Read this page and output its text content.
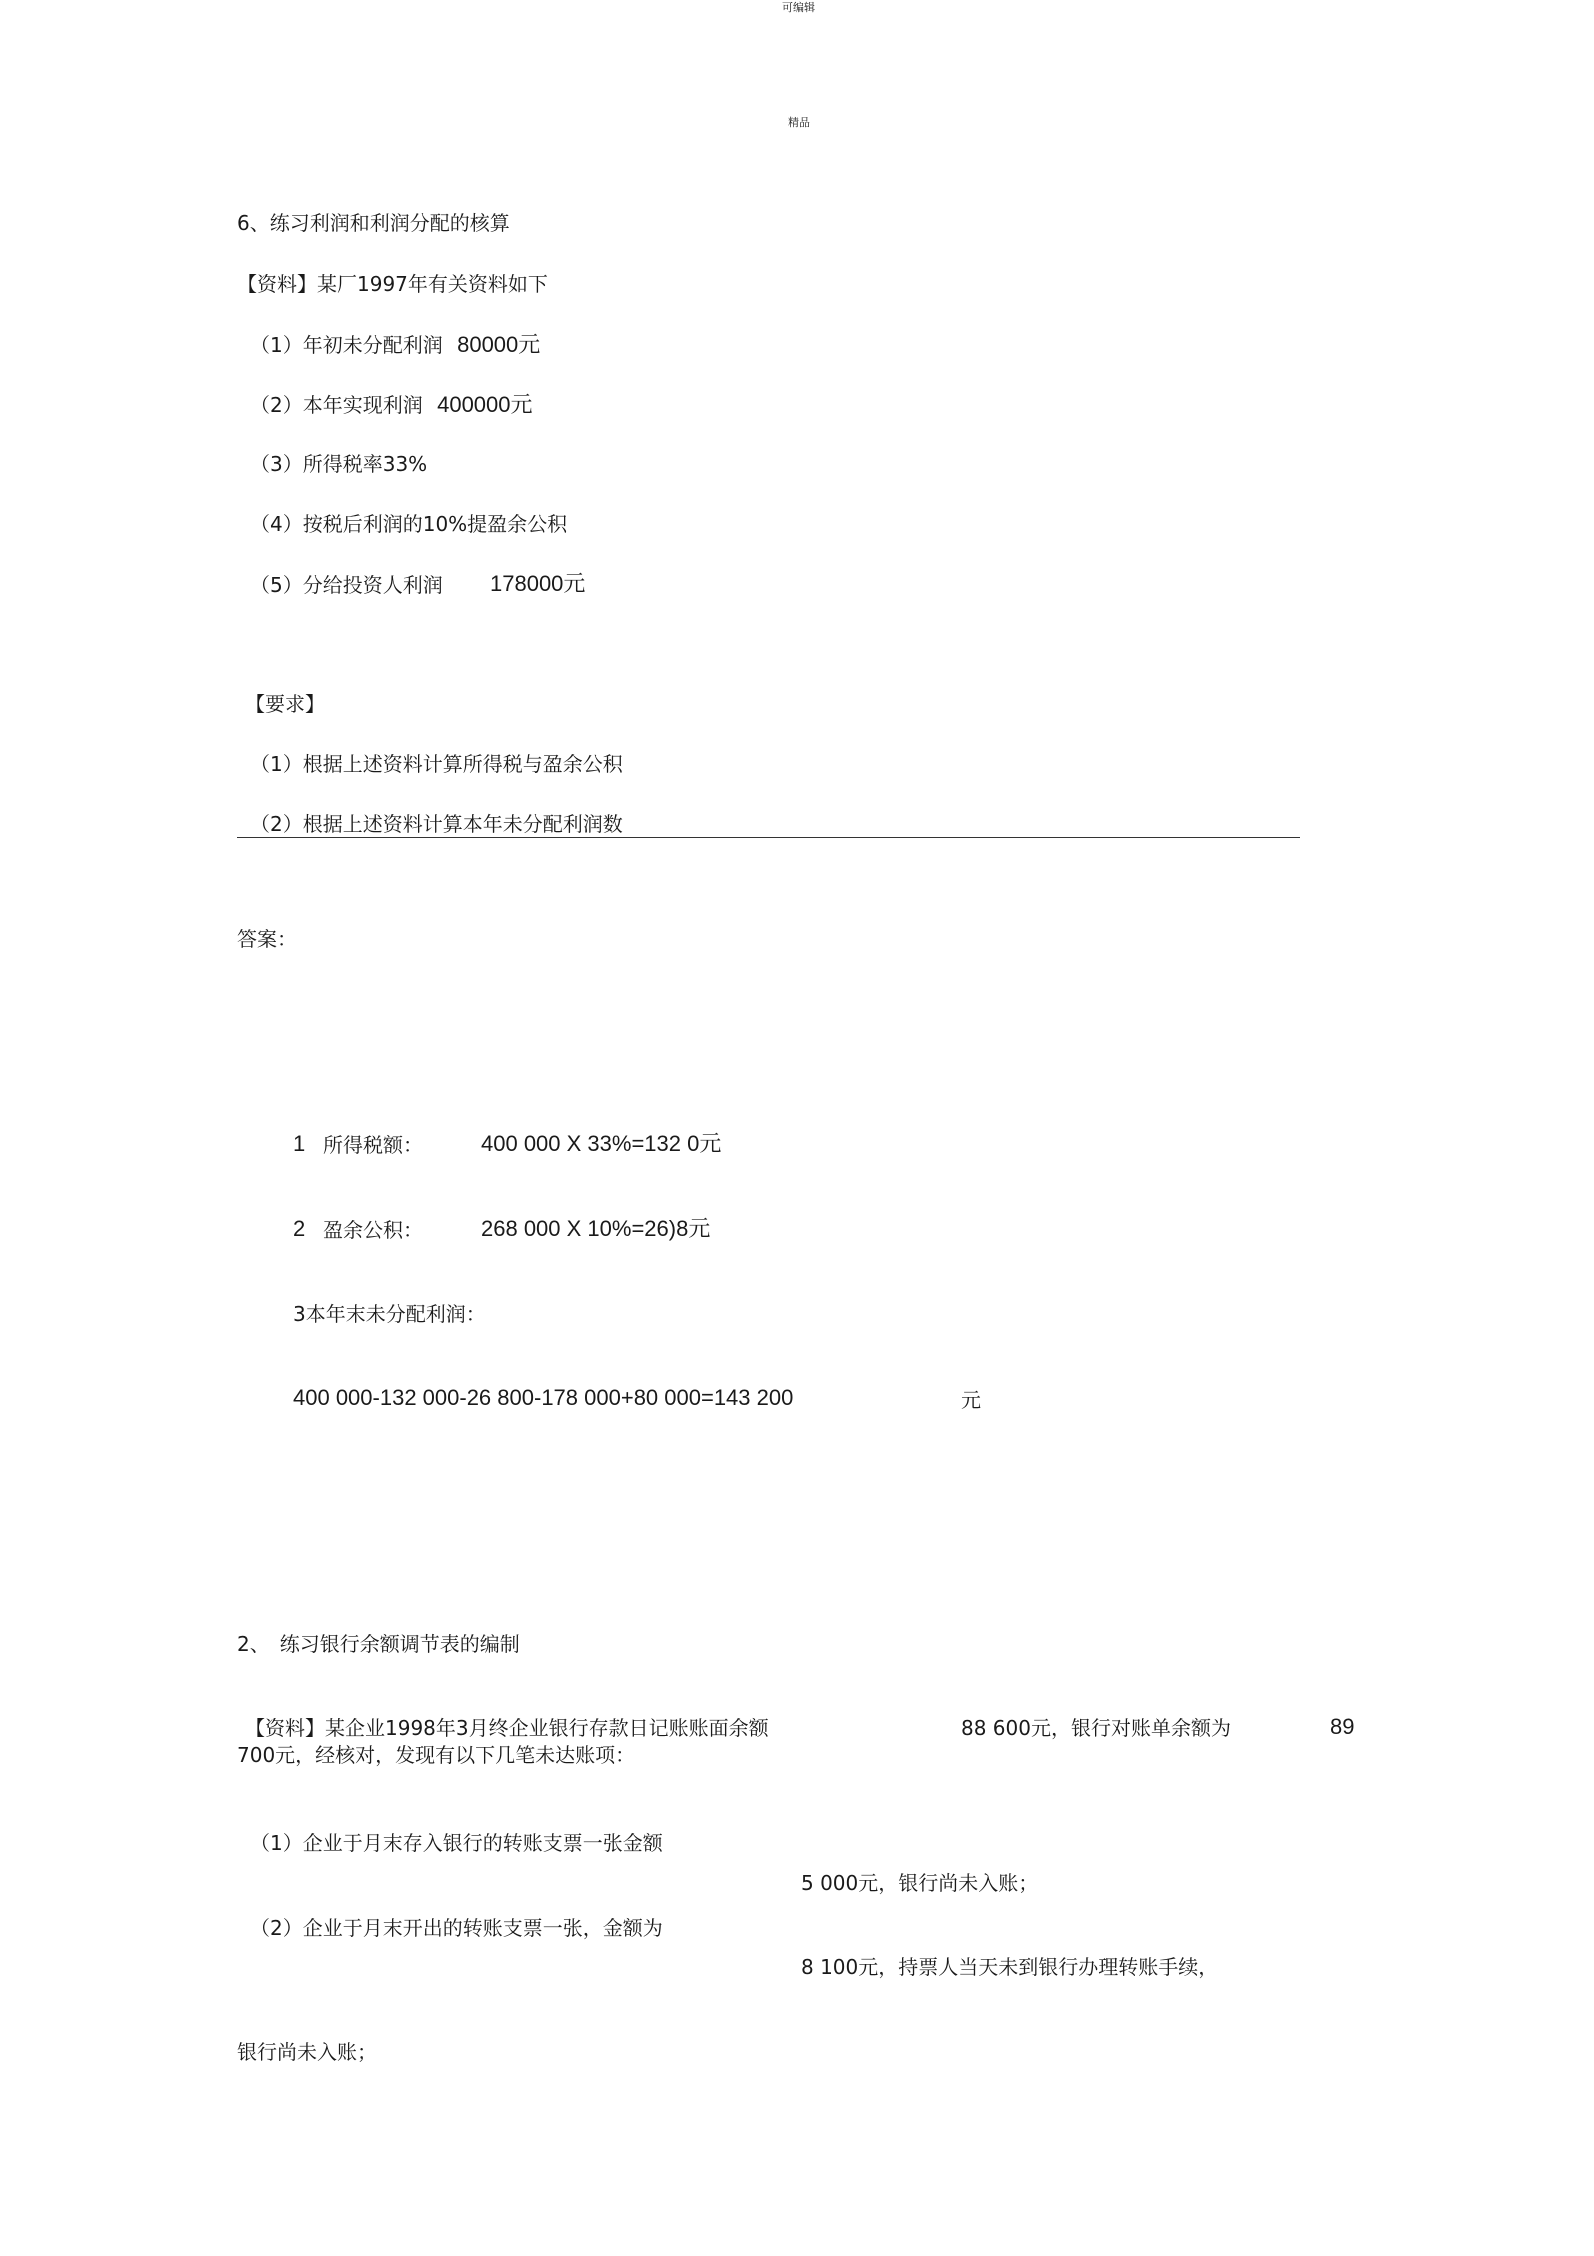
可编辑
精品
6、练习利润和利润分配的核算
【资料】某厂1997年有关资料如下
（1）年初未分配利润 80000元
（2）本年实现利润 400000元
（3）所得税率33%
（4）按税后利润的10%提盈余公积
（5）分给投资人利润 178000元
【要求】
（1）根据上述资料计算所得税与盈余公积
（2）根据上述资料计算本年未分配利润数
答案：
1 所得税额：	400 000 X 33%=132 0元
2 盈余公积：	268 000 X 10%=26)8元
3本年末未分配利润：
400 000-132 000-26 800-178 000+80 000=143 200	元
2、　练习银行余额调节表的编制
【资料】某企业1998年3月终企业银行存款日记账账面余额	88 600元，银行对账单余额为	89
700元，经核对，发现有以下几笔未达账项：
（1）企业于月末存入银行的转账支票一张金额
5 000元，银行尚未入账；
（2）企业于月末开出的转账支票一张，金额为
8 100元，持票人当天未到银行办理转账手续，
银行尚未入账；
